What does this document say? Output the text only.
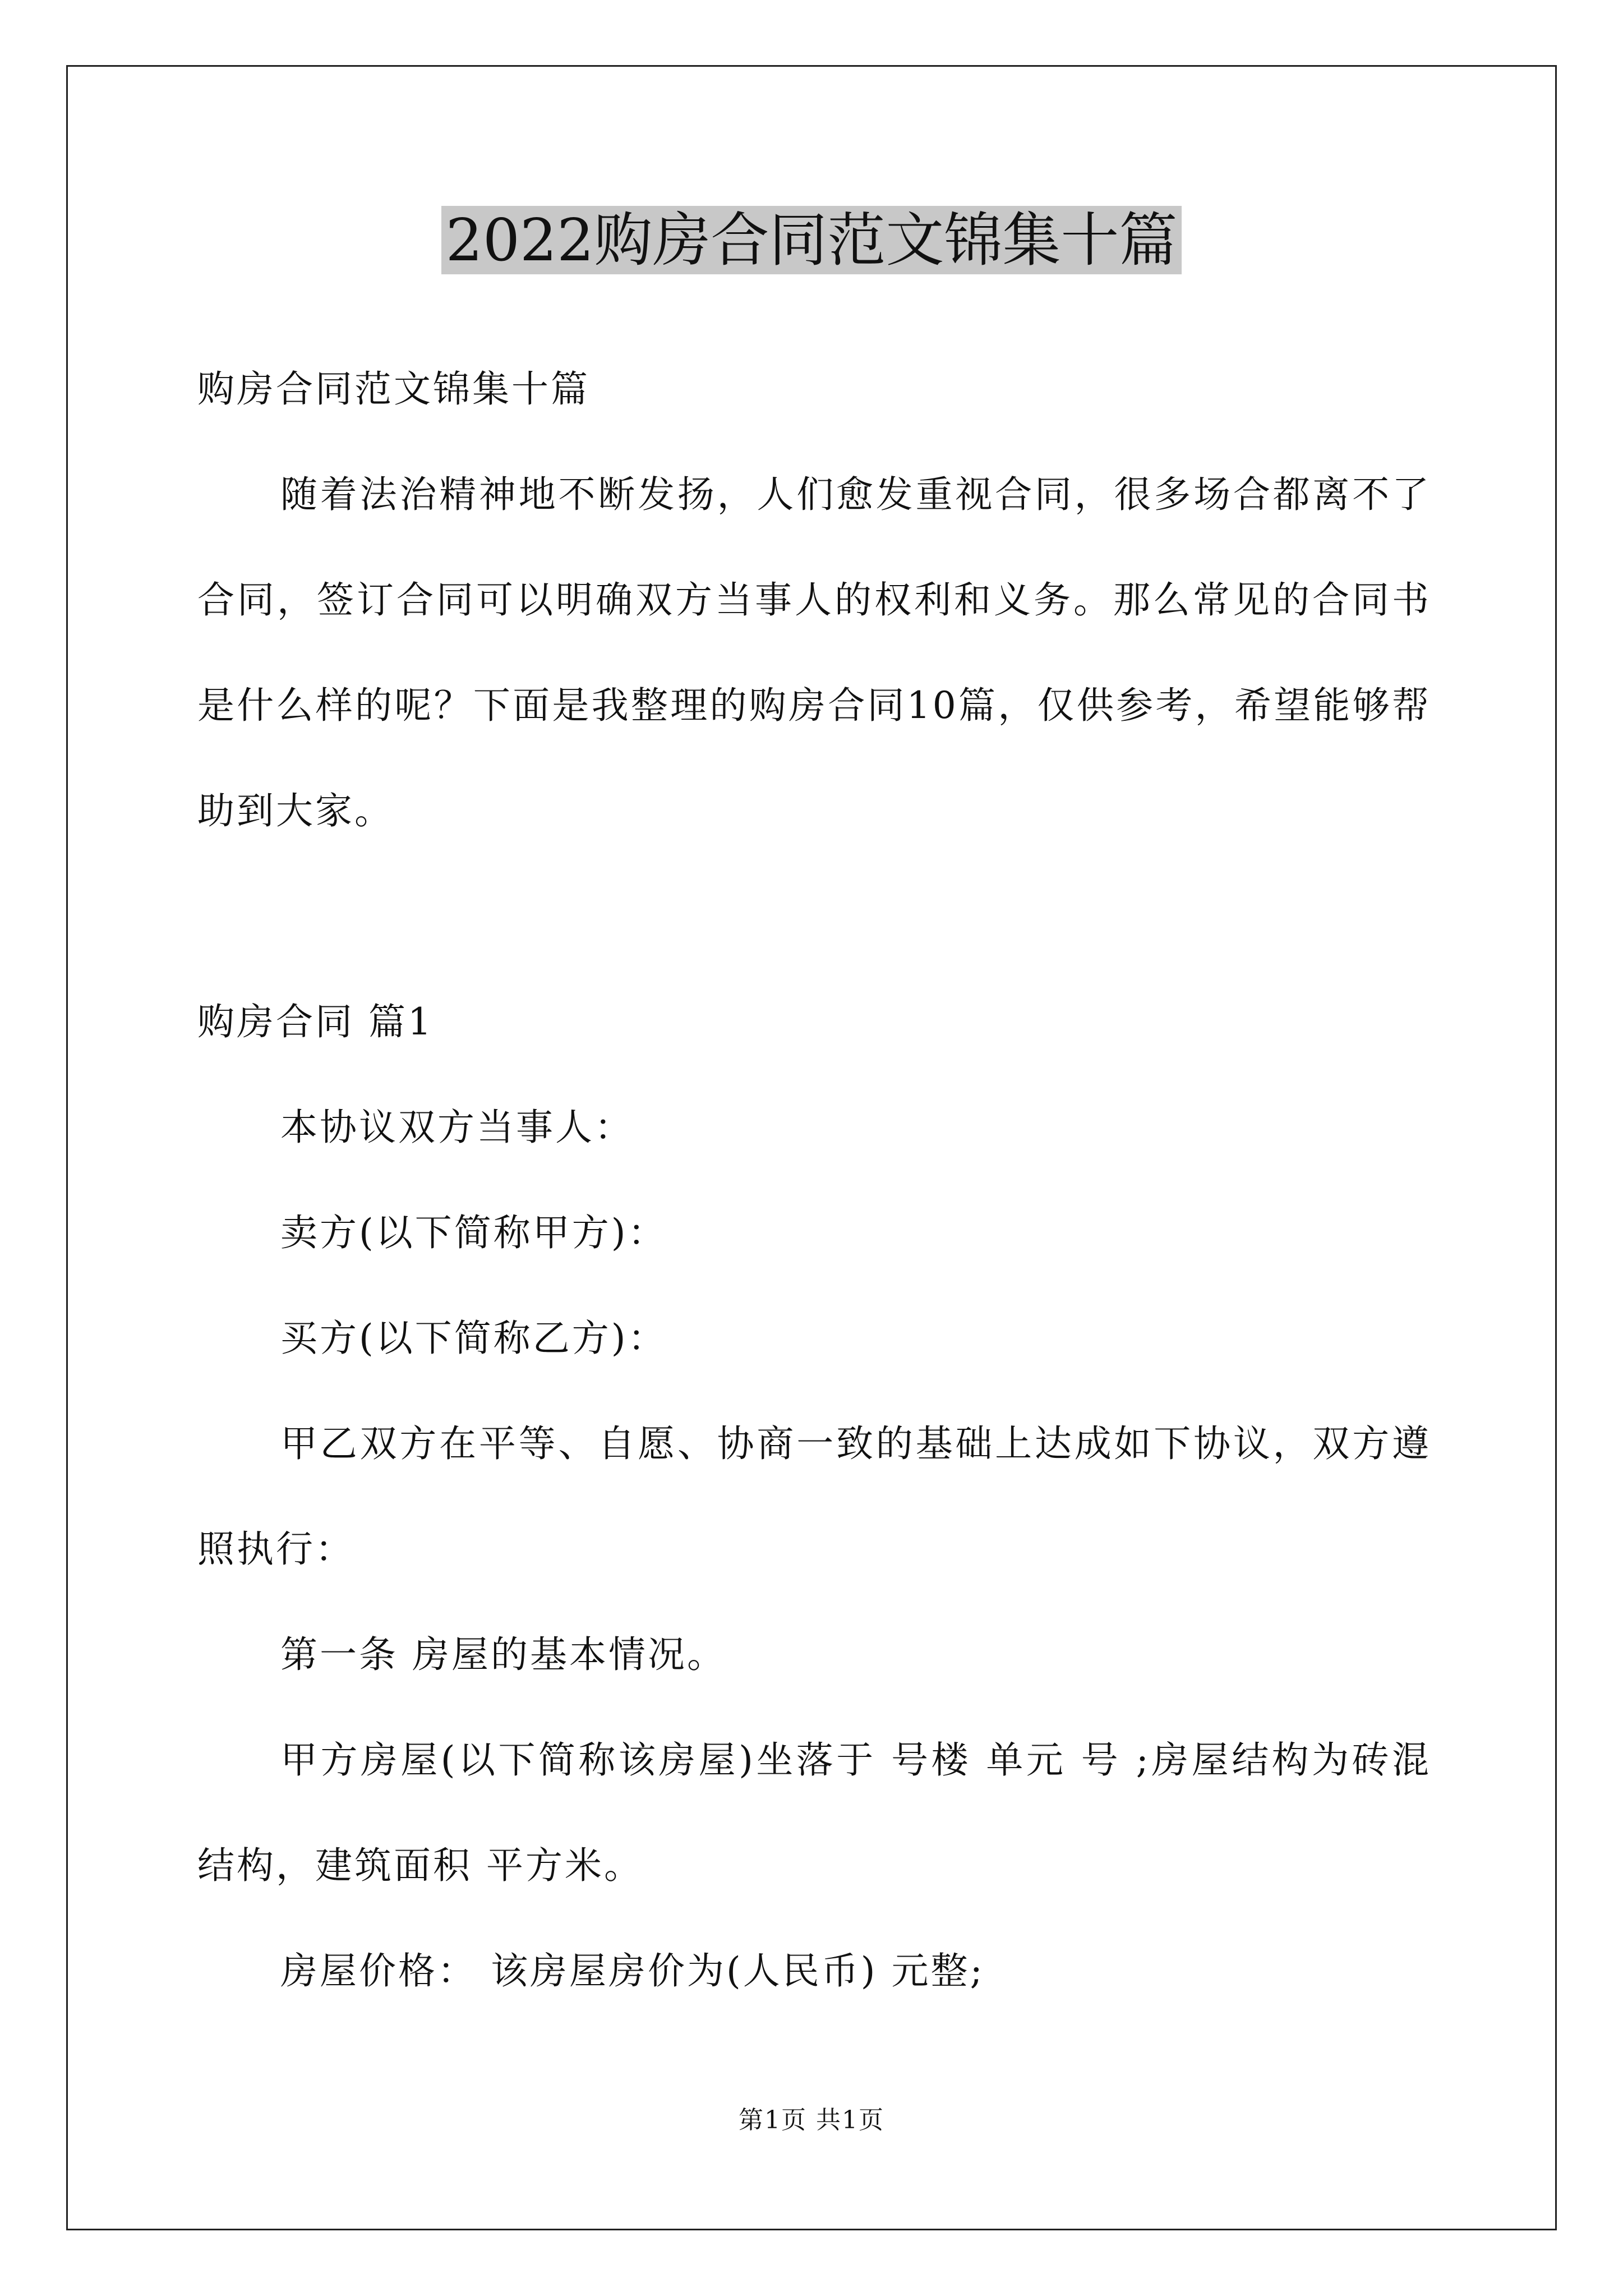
2022购房合同范文锦集十篇

购房合同范文锦集十篇

随着法治精神地不断发扬，人们愈发重视合同，很多场合都离不了合同，签订合同可以明确双方当事人的权利和义务。那么常见的合同书是什么样的呢？下面是我整理的购房合同10篇，仅供参考，希望能够帮助到大家。

购房合同 篇1

本协议双方当事人：

卖方(以下简称甲方)：

买方(以下简称乙方)：

甲乙双方在平等、自愿、协商一致的基础上达成如下协议，双方遵照执行：

第一条 房屋的基本情况。

甲方房屋(以下简称该房屋)坐落于 号楼 单元 号 ;房屋结构为砖混结构，建筑面积 平方米。

房屋价格： 该房屋房价为(人民币) 元整;

第1页 共1页
